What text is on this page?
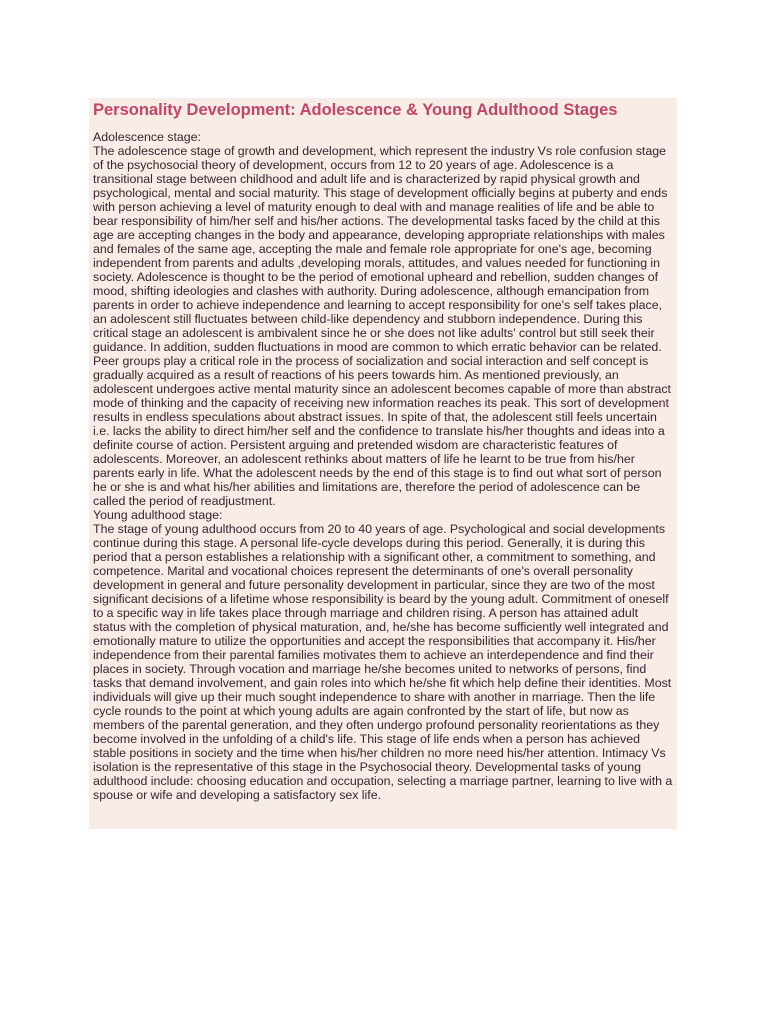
Personality Development: Adolescence & Young Adulthood Stages

Adolescence stage:

The adolescence stage of growth and development, which represent the industry Vs role confusion stage of the psychosocial theory of development, occurs from 12 to 20 years of age. Adolescence is a transitional stage between childhood and adult life and is characterized by rapid physical growth and psychological, mental and social maturity. This stage of development officially begins at puberty and ends with person achieving a level of maturity enough to deal with and manage realities of life and be able to bear responsibility of him/her self and his/her actions. The developmental tasks faced by the child at this age are accepting changes in the body and appearance, developing appropriate relationships with males and females of the same age, accepting the male and female role appropriate for one's age, becoming independent from parents and adults ,developing morals, attitudes, and values needed for functioning in society. Adolescence is thought to be the period of emotional upheard and rebellion, sudden changes of mood, shifting ideologies and clashes with authority. During adolescence, although emancipation from parents in order to achieve independence and learning to accept responsibility for one's self takes place, an adolescent still fluctuates between child-like dependency and stubborn independence. During this critical stage an adolescent is ambivalent since he or she does not like adults' control but still seek their guidance. In addition, sudden fluctuations in mood are common to which erratic behavior can be related. Peer groups play a critical role in the process of socialization and social interaction and self concept is gradually acquired as a result of reactions of his peers towards him. As mentioned previously, an adolescent undergoes active mental maturity since an adolescent becomes capable of more than abstract mode of thinking and the capacity of receiving new information reaches its peak. This sort of development results in endless speculations about abstract issues. In spite of that, the adolescent still feels uncertain i.e. lacks the ability to direct him/her self and the confidence to translate his/her thoughts and ideas into a definite course of action. Persistent arguing and pretended wisdom are characteristic features of adolescents. Moreover, an adolescent rethinks about matters of life he learnt to be true from his/her parents early in life. What the adolescent needs by the end of this stage is to find out what sort of person he or she is and what his/her abilities and limitations are, therefore the period of adolescence can be called the period of readjustment.

Young adulthood stage:

The stage of young adulthood occurs from 20 to 40 years of age. Psychological and social developments continue during this stage. A personal life-cycle develops during this period. Generally, it is during this period that a person establishes a relationship with a significant other, a commitment to something, and competence. Marital and vocational choices represent the determinants of one's overall personality development in general and future personality development in particular, since they are two of the most significant decisions of a lifetime whose responsibility is beard by the young adult. Commitment of oneself to a specific way in life takes place through marriage and children rising. A person has attained adult status with the completion of physical maturation, and, he/she has become sufficiently well integrated and emotionally mature to utilize the opportunities and accept the responsibilities that accompany it. His/her independence from their parental families motivates them to achieve an interdependence and find their places in society. Through vocation and marriage he/she becomes united to networks of persons, find tasks that demand involvement, and gain roles into which he/she fit which help define their identities. Most individuals will give up their much sought independence to share with another in marriage. Then the life cycle rounds to the point at which young adults are again confronted by the start of life, but now as members of the parental generation, and they often undergo profound personality reorientations as they become involved in the unfolding of a child's life. This stage of life ends when a person has achieved stable positions in society and the time when his/her children no more need his/her attention. Intimacy Vs isolation is the representative of this stage in the Psychosocial theory. Developmental tasks of young adulthood include: choosing education and occupation, selecting a marriage partner, learning to live with a spouse or wife and developing a satisfactory sex life.
